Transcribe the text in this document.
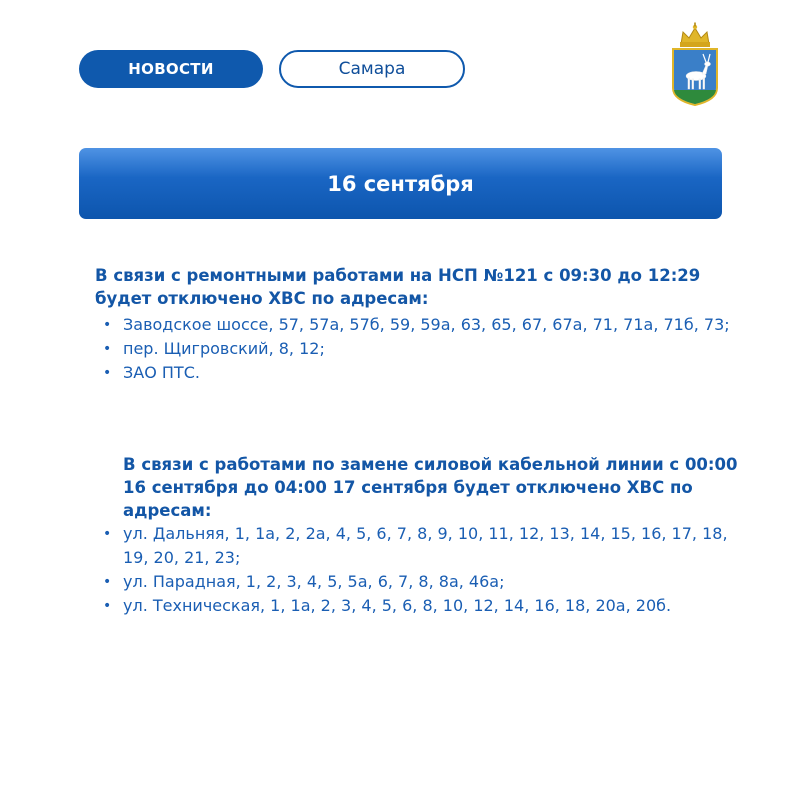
НОВОСТИ	Самара
16 сентября

В связи с ремонтными работами на НСП №121 с 09:30 до 12:29 будет отключено ХВС по адресам:

• Заводское шоссе, 57, 57а, 57б, 59, 59а, 63, 65, 67, 67а, 71, 71а, 71б, 73;
• пер. Щигровский, 8, 12;
• ЗАО ПТС.

В связи с работами по замене силовой кабельной линии с 00:00 16 сентября до 04:00 17 сентября будет отключено ХВС по адресам:

• ул. Дальняя, 1, 1а, 2, 2а, 4, 5, 6, 7, 8, 9, 10, 11, 12, 13, 14, 15, 16, 17, 18, 19, 20, 21, 23;
• ул. Парадная, 1, 2, 3, 4, 5, 5а, 6, 7, 8, 8а, 46а;
• ул. Техническая, 1, 1а, 2, 3, 4, 5, 6, 8, 10, 12, 14, 16, 18, 20а, 20б.
